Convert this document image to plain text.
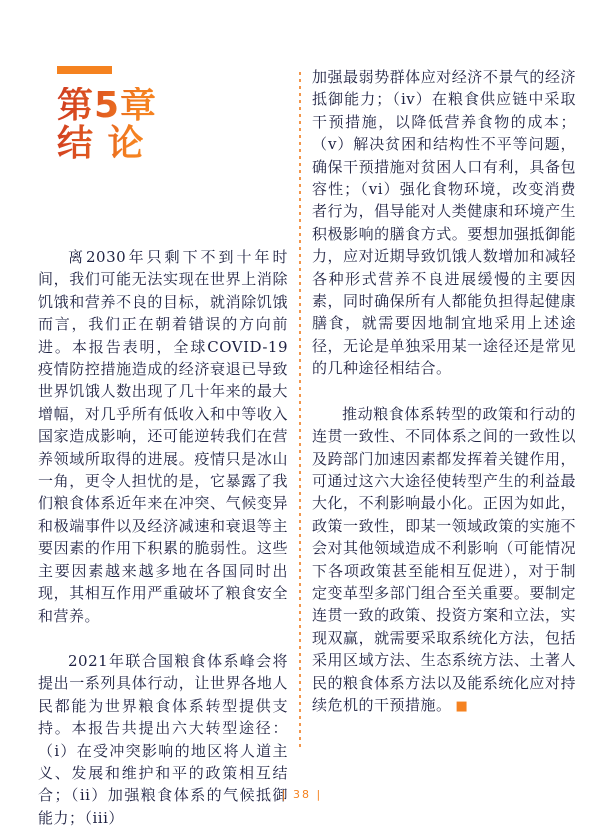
第5章
结 论

离2030年只剩下不到十年时间，我们可能无法实现在世界上消除饥饿和营养不良的目标，就消除饥饿而言，我们正在朝着错误的方向前进。本报告表明，全球COVID-19疫情防控措施造成的经济衰退已导致世界饥饿人数出现了几十年来的最大增幅，对几乎所有低收入和中等收入国家造成影响，还可能逆转我们在营养领域所取得的进展。疫情只是冰山一角，更令人担忧的是，它暴露了我们粮食体系近年来在冲突、气候变异和极端事件以及经济减速和衰退等主要因素的作用下积累的脆弱性。这些主要因素越来越多地在各国同时出现，其相互作用严重破坏了粮食安全和营养。

2021年联合国粮食体系峰会将提出一系列具体行动，让世界各地人民都能为世界粮食体系转型提供支持。本报告共提出六大转型途径：（i）在受冲突影响的地区将人道主义、发展和维护和平的政策相互结合；（ii）加强粮食体系的气候抵御能力；（iii）

加强最弱势群体应对经济不景气的经济抵御能力；（iv）在粮食供应链中采取干预措施，以降低营养食物的成本；（v）解决贫困和结构性不平等问题，确保干预措施对贫困人口有利，具备包容性；（vi）强化食物环境，改变消费者行为，倡导能对人类健康和环境产生积极影响的膳食方式。要想加强抵御能力，应对近期导致饥饿人数增加和减轻各种形式营养不良进展缓慢的主要因素，同时确保所有人都能负担得起健康膳食，就需要因地制宜地采用上述途径，无论是单独采用某一途径还是常见的几种途径相结合。

推动粮食体系转型的政策和行动的连贯一致性、不同体系之间的一致性以及跨部门加速因素都发挥着关键作用，可通过这六大途径使转型产生的利益最大化，不利影响最小化。正因为如此，政策一致性，即某一领域政策的实施不会对其他领域造成不利影响（可能情况下各项政策甚至能相互促进），对于制定变革型多部门组合至关重要。要制定连贯一致的政策、投资方案和立法，实现双赢，就需要采取系统化方法，包括采用区域方法、生态系统方法、土著人民的粮食体系方法以及能系统化应对持续危机的干预措施。 ■

| 38 |
